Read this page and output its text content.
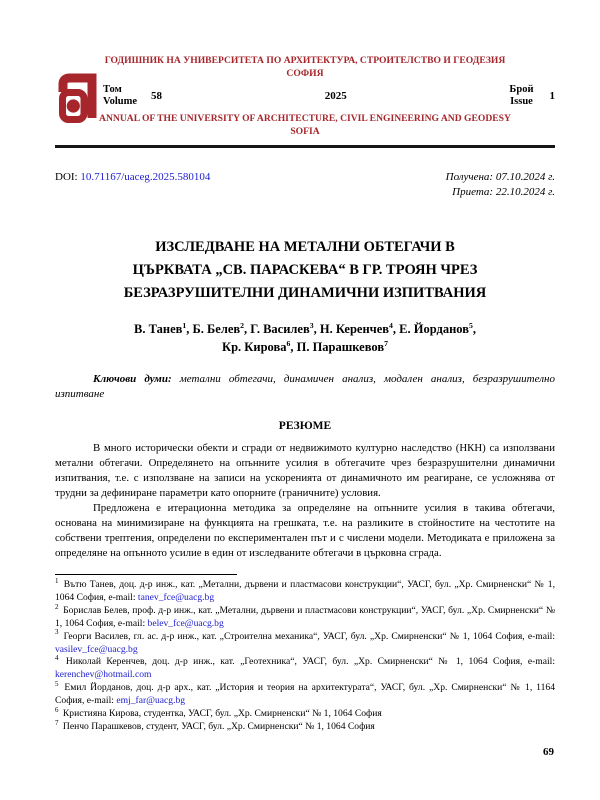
ГОДИШНИК НА УНИВЕРСИТЕТА ПО АРХИТЕКТУРА, СТРОИТЕЛСТВО И ГЕОДЕЗИЯ
СОФИЯ
Том
Volume 58	2025
Брой
Issue 1
ANNUAL OF THE UNIVERSITY OF ARCHITECTURE, CIVIL ENGINEERING AND GEODESY
SOFIA
DOI: 10.71167/uaceg.2025.580104	Получена: 07.10.2024 г.
Приета: 22.10.2024 г.
ИЗСЛЕДВАНЕ НА МЕТАЛНИ ОБТЕГАЧИ В
ЦЪРКВАТА „СВ. ПАРАСКЕВА“ В ГР. ТРОЯН ЧРЕЗ
БЕЗРАЗРУШИТЕЛНИ ДИНАМИЧНИ ИЗПИТВАНИЯ
В. Танев$^1$, Б. Белев$^2$, Г. Василев$^3$, Н. Керенчев$^4$, Е. Йорданов$^5$,
Кр. Кирова$^6$, П. Парашкевов$^7$

Ключови думи: метални обтегачи, динамичен анализ, модален анализ, безразрушително изпитване

РЕЗЮМЕ

В много исторически обекти и сгради от недвижимото културно наследство (НКН) са използвани метални обтегачи. Определянето на опънните усилия в обтегачите чрез безразрушителни динамични изпитвания, т.е. с използване на записи на ускоренията от динамичното им реагиране, се усложнява от трудни за дефиниране параметри като опорните (граничните) условия.

Предложена е итерационна методика за определяне на опънните усилия в такива обтегачи, основана на минимизиране на функцията на грешката, т.е. на разликите в стойностите на честотите на собствени трептения, определени по експериментален път и с числени модели. Методиката е приложена за определяне на опънното усилие в един от изследваните обтегачи в църковна сграда.

$^1$ Вътю Танев, доц. д-р инж., кат. „Метални, дървени и пластмасови конструкции“, УАСГ, бул. „Хр. Смирненски“ № 1, 1064 София, e-mail: tanev_fce@uacg.bg
$^2$ Борислав Белев, проф. д-р инж., кат. „Метални, дървени и пластмасови конструкции“, УАСГ, бул. „Хр. Смирненски“ № 1, 1064 София, e-mail: belev_fce@uacg.bg
$^3$ Георги Василев, гл. ас. д-р инж., кат. „Строителна механика“, УАСГ, бул. „Хр. Смирненски“ № 1, 1064 София, e-mail: vasilev_fce@uacg.bg
$^4$ Николай Керенчев, доц. д-р инж., кат. „Геотехника“, УАСГ, бул. „Хр. Смирненски“ № 1, 1064 София, e-mail: kerenchev@hotmail.com
$^5$ Емил Йорданов, доц. д-р арх., кат. „История и теория на архитектурата“, УАСГ, бул. „Хр. Смирненски“ № 1, 1164 София, e-mail: emj_far@uacg.bg
$^6$ Кристияна Кирова, студентка, УАСГ, бул. „Хр. Смирненски“ № 1, 1064 София
$^7$ Пенчо Парашкевов, студент, УАСГ, бул. „Хр. Смирненски“ № 1, 1064 София
69
